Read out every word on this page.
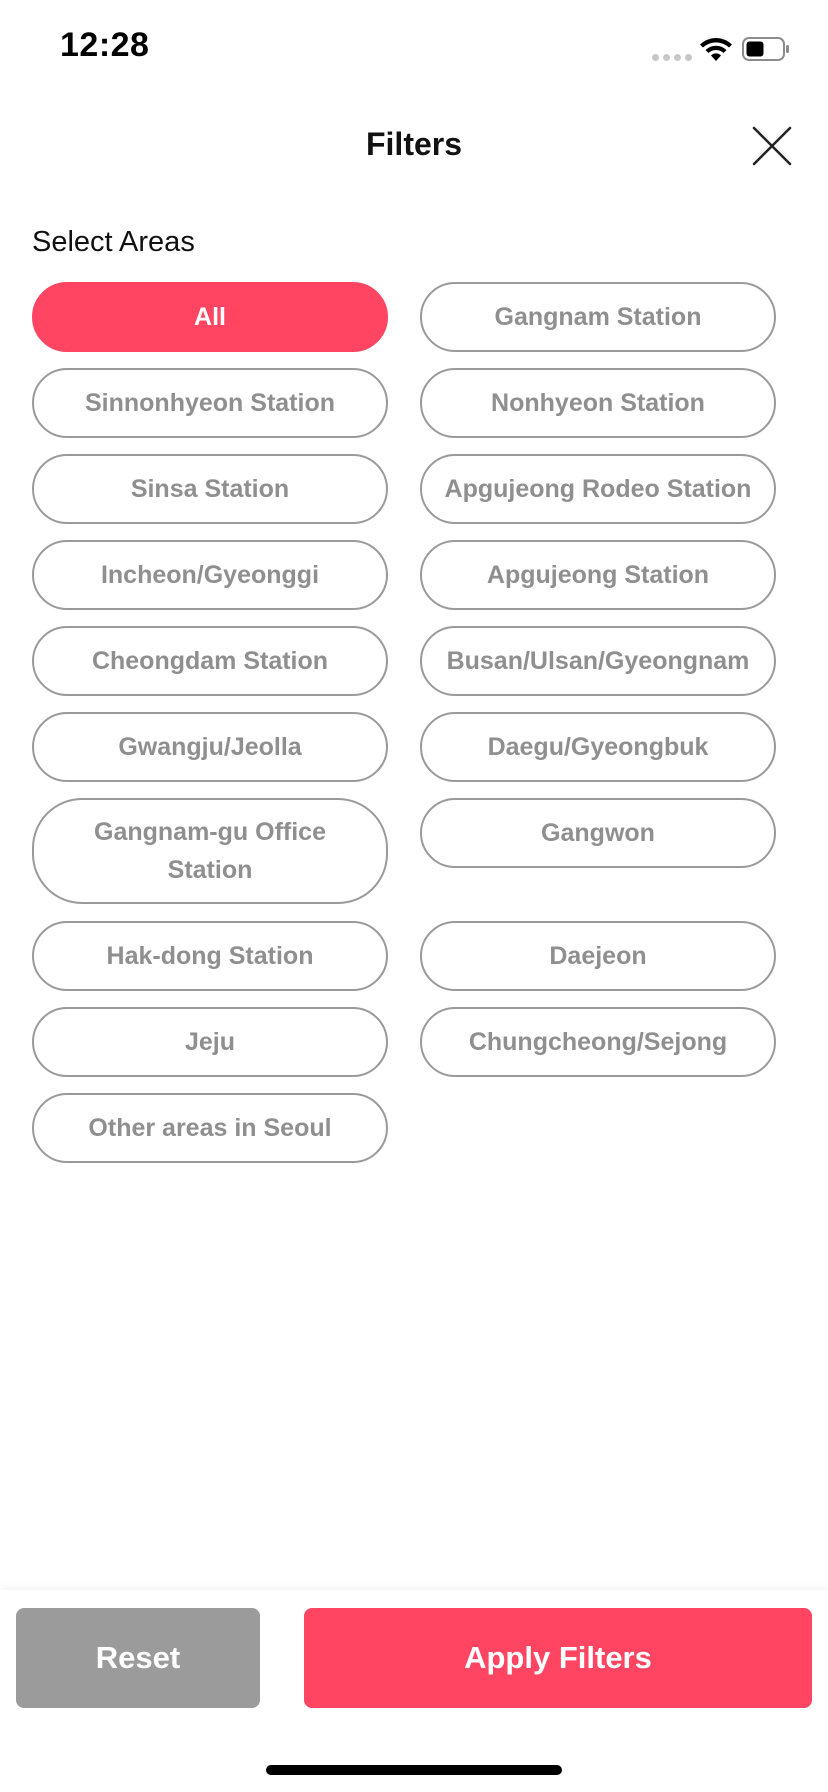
12:28
Filters
Select Areas
All	Gangnam Station
Sinnonhyeon Station	Nonhyeon Station
Sinsa Station	Apgujeong Rodeo Station
Incheon/Gyeonggi	Apgujeong Station
Cheongdam Station	Busan/Ulsan/Gyeongnam
Gwangju/Jeolla	Daegu/Gyeongbuk
Gangnam-gu Office Station
Gangwon
Hak-dong Station	Daejeon
Jeju	Chungcheong/Sejong
Other areas in Seoul
Reset	Apply Filters
